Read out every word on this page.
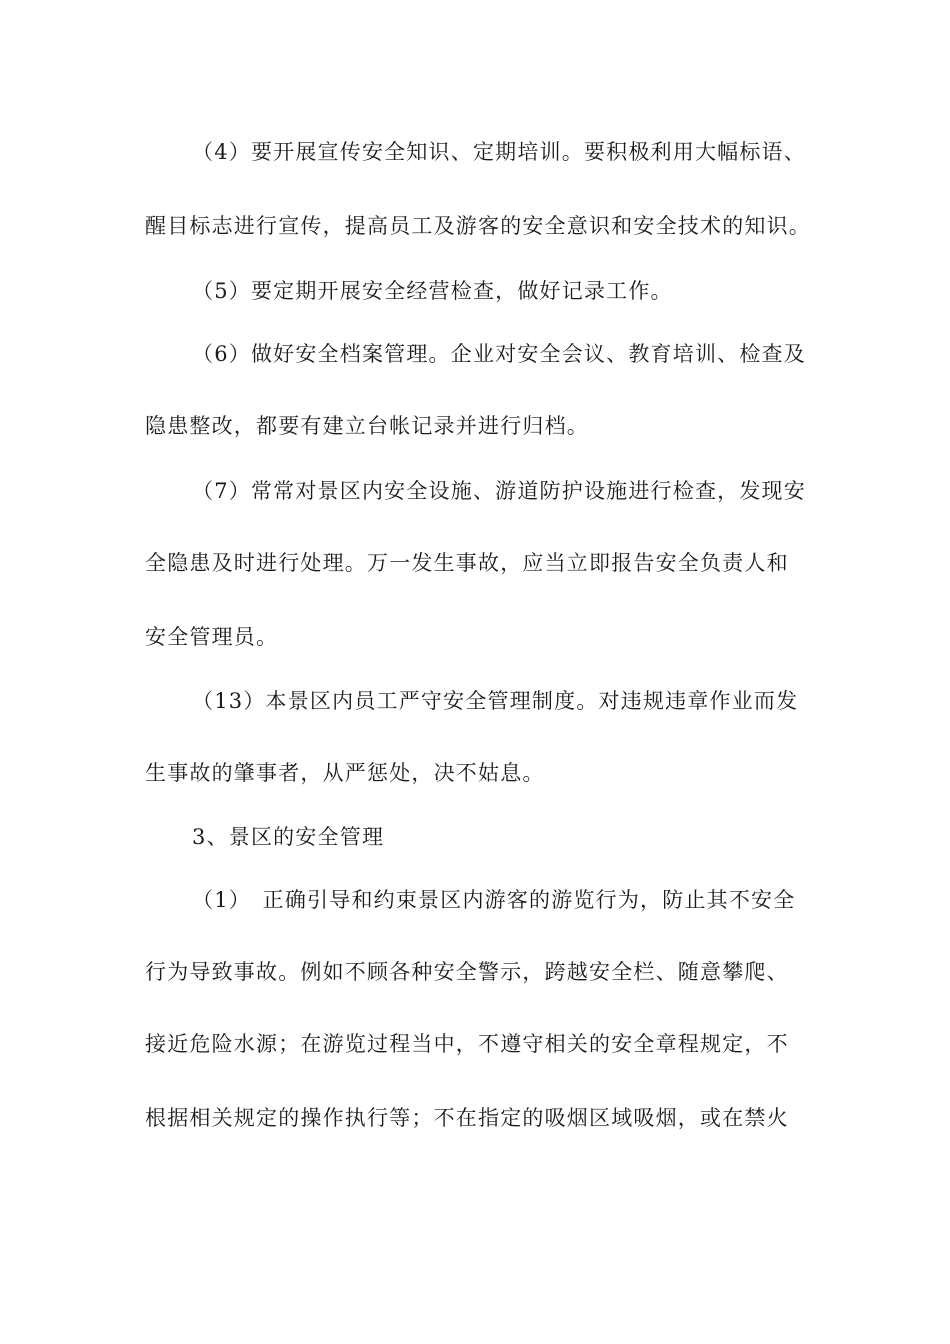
（4）要开展宣传安全知识、定期培训。要积极利用大幅标语、
醒目标志进行宣传，提高员工及游客的安全意识和安全技术的知识。
（5）要定期开展安全经营检查，做好记录工作。
（6）做好安全档案管理。企业对安全会议、教育培训、检查及
隐患整改，都要有建立台帐记录并进行归档。
（7）常常对景区内安全设施、游道防护设施进行检查，发现安
全隐患及时进行处理。万一发生事故，应当立即报告安全负责人和
安全管理员。
（13）本景区内员工严守安全管理制度。对违规违章作业而发
生事故的肇事者，从严惩处，决不姑息。
3、景区的安全管理
（1）　正确引导和约束景区内游客的游览行为，防止其不安全
行为导致事故。例如不顾各种安全警示，跨越安全栏、随意攀爬、
接近危险水源；在游览过程当中，不遵守相关的安全章程规定，不
根据相关规定的操作执行等；不在指定的吸烟区域吸烟，或在禁火
